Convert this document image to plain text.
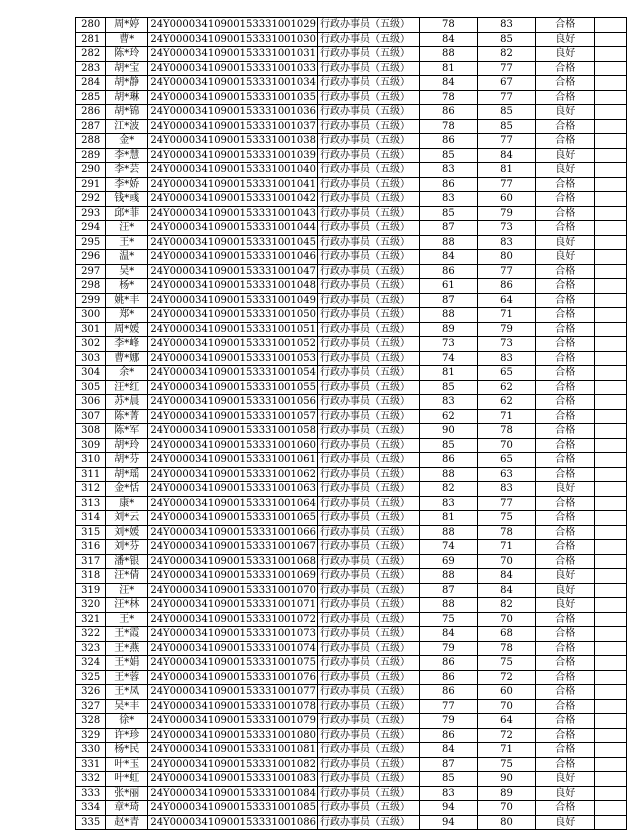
280	周*婷	24Y00003410900153331001029	行政办事员（五级）	78	83	合格	
281	曹*	24Y00003410900153331001030	行政办事员（五级）	84	85	良好	
282	陈*玲	24Y00003410900153331001031	行政办事员（五级）	88	82	良好	
283	胡*宝	24Y00003410900153331001033	行政办事员（五级）	81	77	合格	
284	胡*静	24Y00003410900153331001034	行政办事员（五级）	84	67	合格	
285	胡*琳	24Y00003410900153331001035	行政办事员（五级）	78	77	合格	
286	胡*锦	24Y00003410900153331001036	行政办事员（五级）	86	85	良好	
287	江*波	24Y00003410900153331001037	行政办事员（五级）	78	85	合格	
288	金*	24Y00003410900153331001038	行政办事员（五级）	86	77	合格	
289	李*慧	24Y00003410900153331001039	行政办事员（五级）	85	84	良好	
290	李*芸	24Y00003410900153331001040	行政办事员（五级）	83	81	良好	
291	李*娇	24Y00003410900153331001041	行政办事员（五级）	86	77	合格	
292	钱*彧	24Y00003410900153331001042	行政办事员（五级）	83	60	合格	
293	邱*菲	24Y00003410900153331001043	行政办事员（五级）	85	79	合格	
294	汪*	24Y00003410900153331001044	行政办事员（五级）	87	73	合格	
295	王*	24Y00003410900153331001045	行政办事员（五级）	88	83	良好	
296	温*	24Y00003410900153331001046	行政办事员（五级）	84	80	良好	
297	吴*	24Y00003410900153331001047	行政办事员（五级）	86	77	合格	
298	杨*	24Y00003410900153331001048	行政办事员（五级）	61	86	合格	
299	姚*丰	24Y00003410900153331001049	行政办事员（五级）	87	64	合格	
300	郑*	24Y00003410900153331001050	行政办事员（五级）	88	71	合格	
301	周*媛	24Y00003410900153331001051	行政办事员（五级）	89	79	合格	
302	李*峰	24Y00003410900153331001052	行政办事员（五级）	73	73	合格	
303	曹*娜	24Y00003410900153331001053	行政办事员（五级）	74	83	合格	
304	余*	24Y00003410900153331001054	行政办事员（五级）	81	65	合格	
305	汪*红	24Y00003410900153331001055	行政办事员（五级）	85	62	合格	
306	苏*晨	24Y00003410900153331001056	行政办事员（五级）	83	62	合格	
307	陈*菁	24Y00003410900153331001057	行政办事员（五级）	62	71	合格	
308	陈*军	24Y00003410900153331001058	行政办事员（五级）	90	78	合格	
309	胡*玲	24Y00003410900153331001060	行政办事员（五级）	85	70	合格	
310	胡*芬	24Y00003410900153331001061	行政办事员（五级）	86	65	合格	
311	胡*瑶	24Y00003410900153331001062	行政办事员（五级）	88	63	合格	
312	金*恬	24Y00003410900153331001063	行政办事员（五级）	82	83	良好	
313	康*	24Y00003410900153331001064	行政办事员（五级）	83	77	合格	
314	刘*云	24Y00003410900153331001065	行政办事员（五级）	81	75	合格	
315	刘*媛	24Y00003410900153331001066	行政办事员（五级）	88	78	合格	
316	刘*芬	24Y00003410900153331001067	行政办事员（五级）	74	71	合格	
317	潘*银	24Y00003410900153331001068	行政办事员（五级）	69	70	合格	
318	汪*倩	24Y00003410900153331001069	行政办事员（五级）	88	84	良好	
319	汪*	24Y00003410900153331001070	行政办事员（五级）	87	84	良好	
320	汪*林	24Y00003410900153331001071	行政办事员（五级）	88	82	良好	
321	王*	24Y00003410900153331001072	行政办事员（五级）	75	70	合格	
322	王*霞	24Y00003410900153331001073	行政办事员（五级）	84	68	合格	
323	王*燕	24Y00003410900153331001074	行政办事员（五级）	79	78	合格	
324	王*娟	24Y00003410900153331001075	行政办事员（五级）	86	75	合格	
325	王*蓉	24Y00003410900153331001076	行政办事员（五级）	86	72	合格	
326	王*凤	24Y00003410900153331001077	行政办事员（五级）	86	60	合格	
327	吴*丰	24Y00003410900153331001078	行政办事员（五级）	77	70	合格	
328	徐*	24Y00003410900153331001079	行政办事员（五级）	79	64	合格	
329	许*珍	24Y00003410900153331001080	行政办事员（五级）	86	72	合格	
330	杨*民	24Y00003410900153331001081	行政办事员（五级）	84	71	合格	
331	叶*玉	24Y00003410900153331001082	行政办事员（五级）	87	75	合格	
332	叶*虹	24Y00003410900153331001083	行政办事员（五级）	85	90	良好	
333	张*丽	24Y00003410900153331001084	行政办事员（五级）	83	89	良好	
334	章*琦	24Y00003410900153331001085	行政办事员（五级）	94	70	合格	
335	赵*青	24Y00003410900153331001086	行政办事员（五级）	94	80	良好	
